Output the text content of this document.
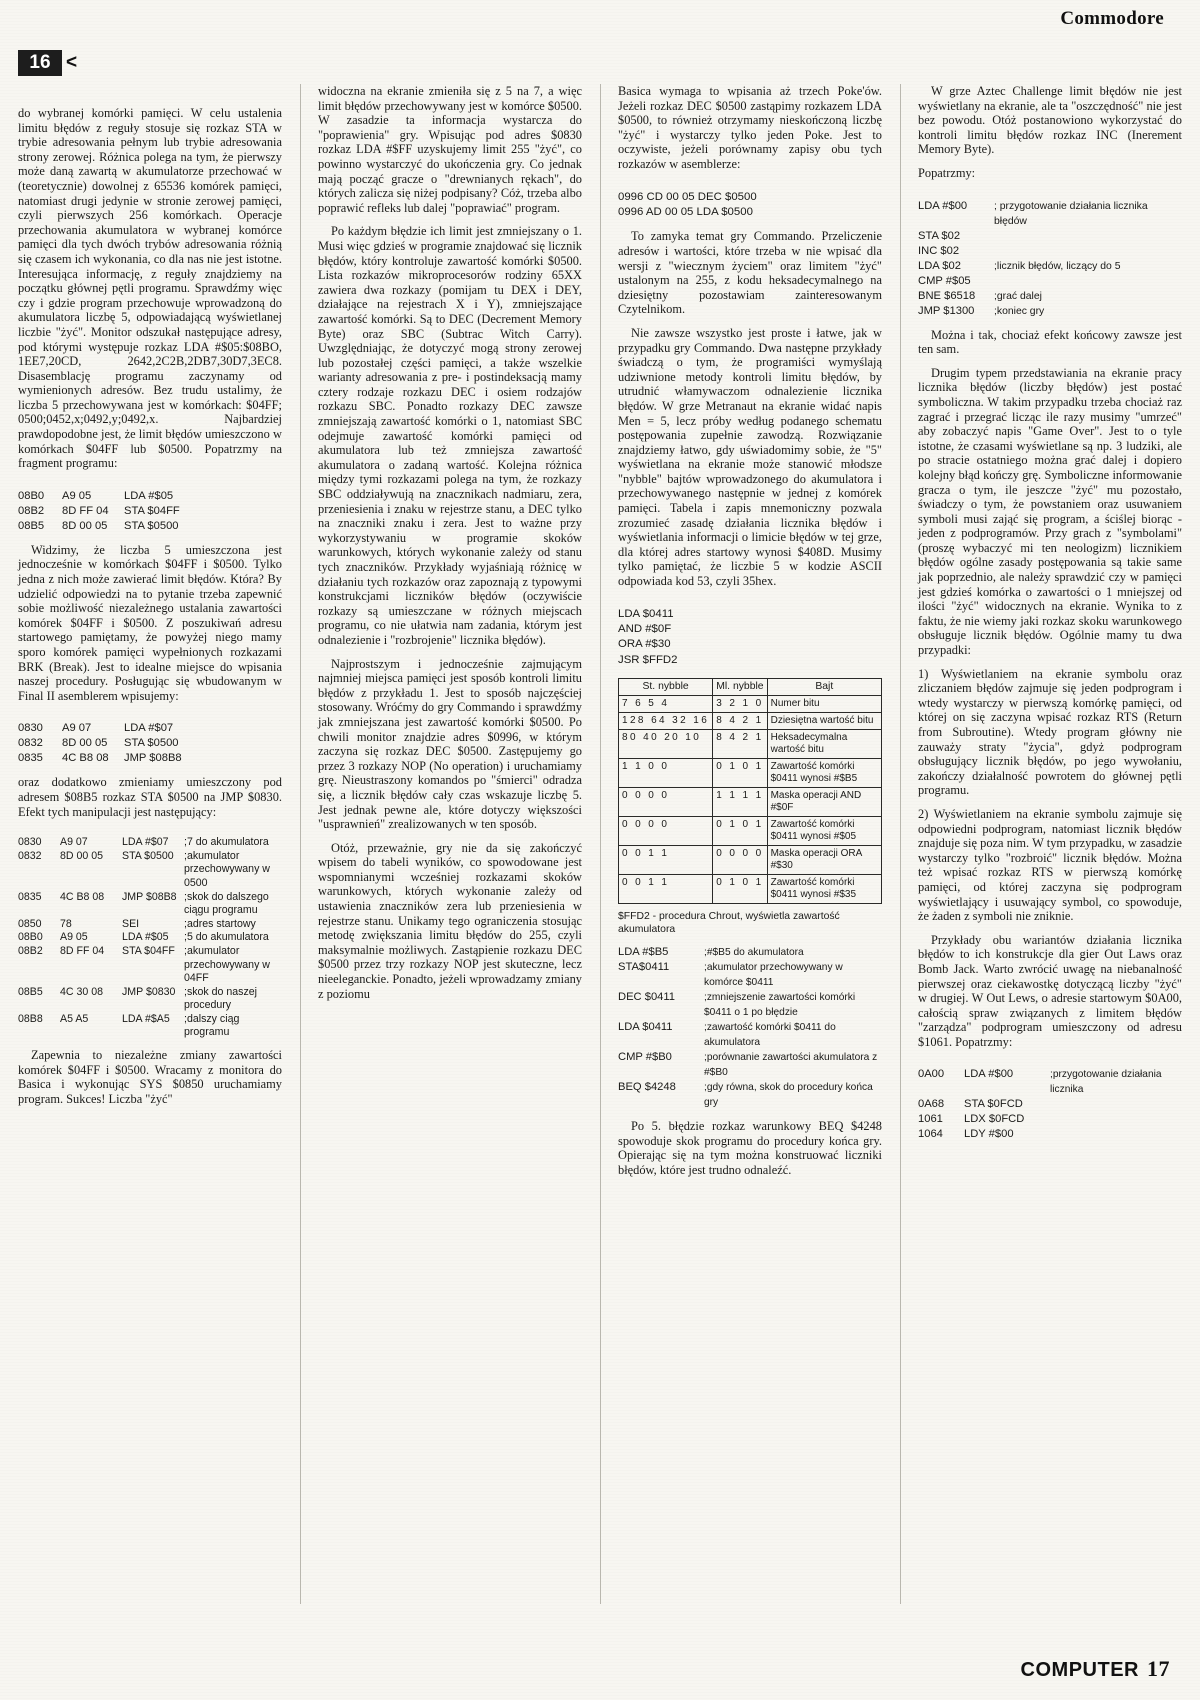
Commodore
16 <

do wybranej komórki pamięci. W celu ustalenia limitu błędów z reguły stosuje się rozkaz STA w trybie adresowania pełnym lub trybie adresowania strony zerowej. Różnica polega na tym, że pierwszy może daną zawartą w akumulatorze przechować w (teoretycznie) dowolnej z 65536 komórek pamięci, natomiast drugi jedynie w stronie zerowej pamięci, czyli pierwszych 256 komórkach. Operacje przechowania akumulatora w wybranej komórce pamięci dla tych dwóch trybów adresowania różnią się czasem ich wykonania, co dla nas nie jest istotne. Interesująca informację, z reguły znajdziemy na początku głównej pętli programu. Sprawdźmy więc czy i gdzie program przechowuje wprowadzoną do akumulatora liczbę 5, odpowiadającą wyświetlanej liczbie "żyć". Monitor odszukał następujące adresy, pod którymi występuje rozkaz LDA #$05:$08BO, 1EE7,20CD, 2642,2C2B,2DB7,30D7,3EC8. Disasemblację programu zaczynamy od wymienionych adresów. Bez trudu ustalimy, że liczba 5 przechowywana jest w komórkach: $04FF; 0500;0452,x;0492,y;0492,x. Najbardziej prawdopodobne jest, że limit błędów umieszczono w komórkach $04FF lub $0500. Popatrzmy na fragment programu:

08B0	A9 05	LDA #$05
08B2	8D FF 04	STA $04FF
08B5	8D 00 05	STA $0500

Widzimy, że liczba 5 umieszczona jest jednocześnie w komórkach $04FF i $0500. Tylko jedna z nich może zawierać limit błędów. Która? By udzielić odpowiedzi na to pytanie trzeba zapewnić sobie możliwość niezależnego ustalania zawartości komórek $04FF i $0500. Z poszukiwań adresu startowego pamiętamy, że powyżej niego mamy sporo komórek pamięci wypełnionych rozkazami BRK (Break). Jest to idealne miejsce do wpisania naszej procedury. Posługując się wbudowanym w Final II asemblerem wpisujemy:

0830	A9 07	LDA #$07
0832	8D 00 05	STA $0500
0835	4C B8 08	JMP $08B8

oraz dodatkowo zmieniamy umieszczony pod adresem $08B5 rozkaz STA $0500 na JMP $0830. Efekt tych manipulacji jest następujący:

0830	A9 07	LDA #$07	;7 do akumulatora
0832	8D 00 05	STA $0500 ;akumulator przechowywany w 0500
0835	4C B8 08	JMP $08B8 ;skok do dalszego ciągu programu
0850	78	SEI	;adres startowy
08B0	A9 05	LDA #$05	;5 do akumulatora
08B2	8D FF 04	STA $04FF ;akumulator przechowywany w 04FF
08B5	4C 30 08	JMP $0830 ;skok do naszej procedury
08B8	A5 A5	LDA #$A5	;dalszy ciąg programu

Zapewnia to niezależne zmiany zawartości komórek $04FF i $0500. Wracamy z monitora do Basica i wykonując SYS $0850 uruchamiamy program. Sukces! Liczba "żyć"

widoczna na ekranie zmieniła się z 5 na 7, a więc limit błędów przechowywany jest w komórce $0500. W zasadzie ta informacja wystarcza do "poprawienia" gry. Wpisując pod adres $0830 rozkaz LDA #$FF uzyskujemy limit 255 "żyć", co powinno wystarczyć do ukończenia gry. Co jednak mają począć gracze o "drewnianych rękach", do których zalicza się niżej podpisany? Cóż, trzeba albo poprawić refleks lub dalej "poprawiać" program.

Po każdym błędzie ich limit jest zmniejszany o 1. Musi więc gdzieś w programie znajdować się licznik błędów, który kontroluje zawartość komórki $0500. Lista rozkazów mikroprocesorów rodziny 65XX zawiera dwa rozkazy (pomijam tu DEX i DEY, działające na rejestrach X i Y), zmniejszające zawartość komórki. Są to DEC (Decrement Memory Byte) oraz SBC (Subtrac Witch Carry). Uwzględniając, że dotyczyć mogą strony zerowej lub pozostałej części pamięci, a także wszelkie warianty adresowania z pre- i postindeksacją mamy cztery rodzaje rozkazu DEC i osiem rodzajów rozkazu SBC. Ponadto rozkazy DEC zawsze zmniejszają zawartość komórki o 1, natomiast SBC odejmuje zawartość komórki pamięci od akumulatora lub też zmniejsza zawartość akumulatora o zadaną wartość. Kolejna różnica między tymi rozkazami polega na tym, że rozkazy SBC oddziaływują na znacznikach nadmiaru, zera, przeniesienia i znaku w rejestrze stanu, a DEC tylko na znaczniki znaku i zera. Jest to ważne przy wykorzystywaniu w programie skoków warunkowych, których wykonanie zależy od stanu tych znaczników. Przykłady wyjaśniają różnicę w działaniu tych rozkazów oraz zapoznają z typowymi konstrukcjami liczników błędów (oczywiście rozkazy są umieszczane w różnych miejscach programu, co nie ułatwia nam zadania, którym jest odnalezienie i "rozbrojenie" licznika błędów).

Najprostszym i jednocześnie zajmującym najmniej miejsca pamięci jest sposób kontroli limitu błędów z przykładu 1. Jest to sposób najczęściej stosowany. Wróćmy do gry Commando i sprawdźmy jak zmniejszana jest zawartość komórki $0500. Po chwili monitor znajdzie adres $0996, w którym zaczyna się rozkaz DEC $0500. Zastępujemy go przez 3 rozkazy NOP (No operation) i uruchamiamy grę. Nieustraszony komandos po "śmierci" odradza się, a licznik błędów cały czas wskazuje liczbę 5. Jest jednak pewne ale, które dotyczy większości "usprawnień" zrealizowanych w ten sposób.

Otóż, przeważnie, gry nie da się zakończyć wpisem do tabeli wyników, co spowodowane jest wspomnianymi wcześniej rozkazami skoków warunkowych, których wykonanie zależy od ustawienia znaczników zera lub przeniesienia w rejestrze stanu. Unikamy tego ograniczenia stosując metodę zwiększania limitu błędów do 255, czyli maksymalnie możliwych. Zastąpienie rozkazu DEC $0500 przez trzy rozkazy NOP jest skuteczne, lecz nieeleganckie. Ponadto, jeżeli wprowadzamy zmiany z poziomu

Basica wymaga to wpisania aż trzech Poke'ów. Jeżeli rozkaz DEC $0500 zastąpimy rozkazem LDA $0500, to również otrzymamy nieskończoną liczbę "żyć" i wystarczy tylko jeden Poke. Jest to oczywiste, jeżeli porównamy zapisy obu tych rozkazów w asemblerze:

0996 CD 00 05 DEC $0500
0996 AD 00 05 LDA $0500

To zamyka temat gry Commando. Przeliczenie adresów i wartości, które trzeba w nie wpisać dla wersji z "wiecznym życiem" oraz limitem "żyć" ustalonym na 255, z kodu heksadecymalnego na dziesiętny pozostawiam zainteresowanym Czytelnikom.

Nie zawsze wszystko jest proste i łatwe, jak w przypadku gry Commando. Dwa następne przykłady świadczą o tym, że programiści wymyślają udziwnione metody kontroli limitu błędów, by utrudnić włamywaczom odnalezienie licznika błędów. W grze Metranaut na ekranie widać napis Men = 5, lecz próby według podanego schematu postępowania zupełnie zawodzą. Rozwiązanie znajdziemy łatwo, gdy uświadomimy sobie, że "5" wyświetlana na ekranie może stanowić młodsze "nybble" bajtów wprowadzonego do akumulatora i przechowywanego następnie w jednej z komórek pamięci. Tabela i zapis mnemoniczny pozwala zrozumieć zasadę działania licznika błędów i wyświetlania informacji o limicie błędów w tej grze, dla której adres startowy wynosi $408D. Musimy tylko pamiętać, że liczbie 5 w kodzie ASCII odpowiada kod 53, czyli 35hex.

LDA $0411
AND #$0F
ORA #$30
JSR $FFD2
St. nybble	Ml. nybble	Bajt
7 6 5 4	3 2 1 0	Numer bitu
128 64 32 16	8 4 2 1	Dziesiętna wartość bitu
80 40 20 10	8 4 2 1	Heksadecymalna wartość bitu
1 1 0 0	0 1 0 1	Zawartość komórki $0411 wynosi #$B5
0 0 0 0	1 1 1 1	Maska operacji AND #$0F
0 0 0 0	0 1 0 1	Zawartość komórki $0411 wynosi #$05
0 0 1 1	0 0 0 0	Maska operacji ORA #$30
0 0 1 1	0 1 0 1	Zawartość komórki $0411 wynosi #$35
$FFD2 - procedura Chrout, wyświetla zawartość akumulatora
LDA #$B5	;#$B5 do akumulatora
STA$0411	;akumulator przechowywany w komórce $0411
DEC $0411	;zmniejszenie zawartości komórki $0411 o 1 po błędzie
LDA $0411	;zawartość komórki $0411 do akumulatora
CMP #$B0	;porównanie zawartości akumulatora z #$B0
BEQ $4248	;gdy równa, skok do procedury końca gry

Po 5. błędzie rozkaz warunkowy BEQ $4248 spowoduje skok programu do procedury końca gry. Opierając się na tym można konstruować liczniki błędów, które jest trudno odnaleźć.

W grze Aztec Challenge limit błędów nie jest wyświetlany na ekranie, ale ta "oszczędność" nie jest bez powodu. Otóż postanowiono wykorzystać do kontroli limitu błędów rozkaz INC (Inerement Memory Byte).

Popatrzmy:

LDA #$00	; przygotowanie działania licznika błędów
STA $02
INC $02
LDA $02	;licznik błędów, liczący do 5
CMP #$05
BNE $6518	;grać dalej
JMP $1300	;koniec gry

Można i tak, chociaż efekt końcowy zawsze jest ten sam.

Drugim typem przedstawiania na ekranie pracy licznika błędów (liczby błędów) jest postać symboliczna. W takim przypadku trzeba chociaż raz zagrać i przegrać licząc ile razy musimy "umrzeć" aby zobaczyć napis "Game Over". Jest to o tyle istotne, że czasami wyświetlane są np. 3 ludziki, ale po stracie ostatniego można grać dalej i dopiero kolejny błąd kończy grę. Symboliczne informowanie gracza o tym, ile jeszcze "żyć" mu pozostało, świadczy o tym, że powstaniem oraz usuwaniem symboli musi zająć się program, a ściślej biorąc - jeden z podprogramów. Przy grach z "symbolami" (proszę wybaczyć mi ten neologizm) licznikiem błędów ogólne zasady postępowania są takie same jak poprzednio, ale należy sprawdzić czy w pamięci jest gdzieś komórka o zawartości o 1 mniejszej od ilości "żyć" widocznych na ekranie. Wynika to z faktu, że nie wiemy jaki rozkaz skoku warunkowego obsługuje licznik błędów. Ogólnie mamy tu dwa przypadki:

1) Wyświetlaniem na ekranie symbolu oraz zliczaniem błędów zajmuje się jeden podprogram i wtedy wystarczy w pierwszą komórkę pamięci, od której on się zaczyna wpisać rozkaz RTS (Return from Subroutine). Wtedy program główny nie zauważy straty "życia", gdyż podprogram obsługujący licznik błędów, po jego wywołaniu, zakończy działalność powrotem do głównej pętli programu.

2) Wyświetlaniem na ekranie symbolu zajmuje się odpowiedni podprogram, natomiast licznik błędów znajduje się poza nim. W tym przypadku, w zasadzie wystarczy tylko "rozbroić" licznik błędów. Można też wpisać rozkaz RTS w pierwszą komórkę pamięci, od której zaczyna się podprogram wyświetlający i usuwający symbol, co spowoduje, że żaden z symboli nie zniknie.

Przykłady obu wariantów działania licznika błędów to ich konstrukcje dla gier Out Laws oraz Bomb Jack. Warto zwrócić uwagę na niebanalność pierwszej oraz ciekawostkę dotyczącą liczby "żyć" w drugiej. W Out Lews, o adresie startowym $0A00, całością spraw związanych z limitem błędów "zarządza" podprogram umieszczony od adresu $1061. Popatrzmy:

0A00	LDA #$00	;przygotowanie działania licznika
0A68	STA $0FCD
1061	LDX $0FCD
1064	LDY #$00
COMPUTER 17
